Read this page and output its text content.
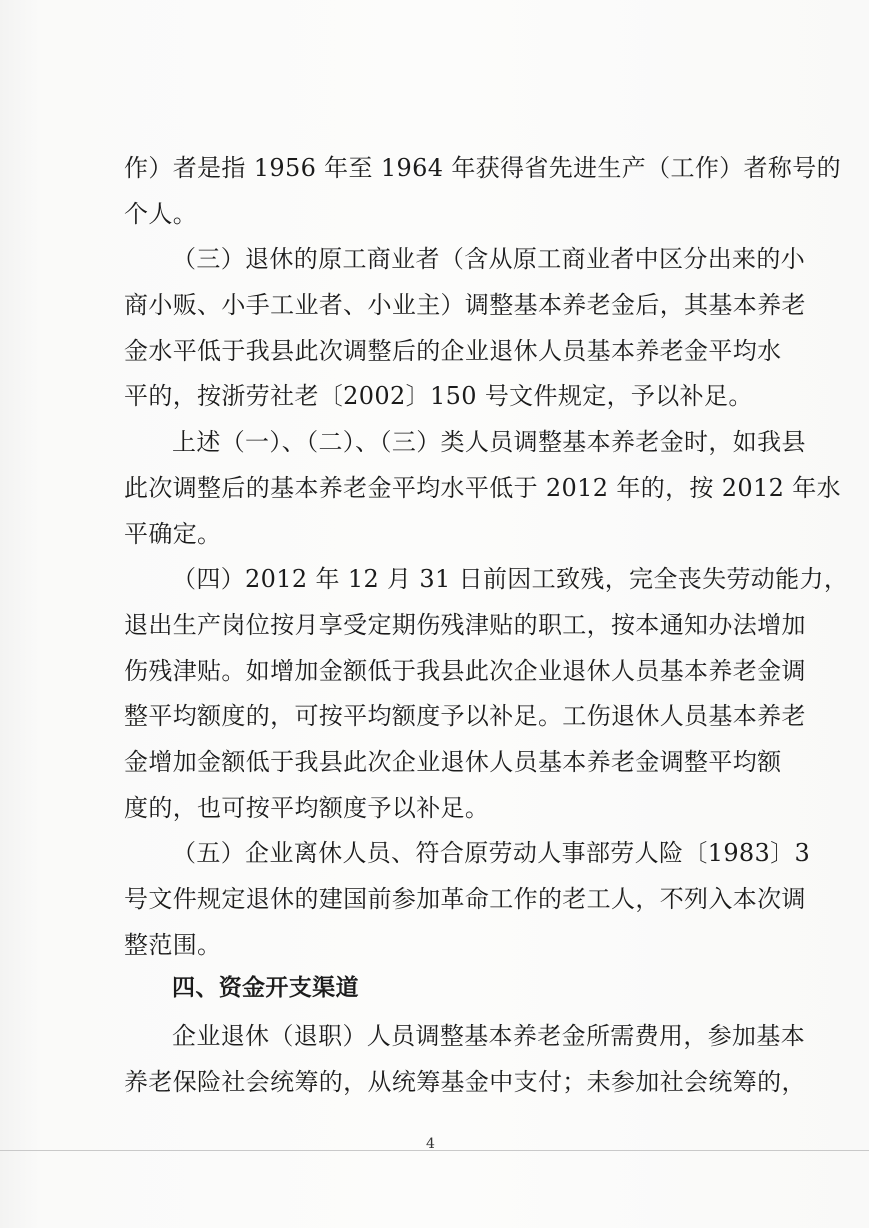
作）者是指 1956 年至 1964 年获得省先进生产（工作）者称号的
个人。
（三）退休的原工商业者（含从原工商业者中区分出来的小
商小贩、小手工业者、小业主）调整基本养老金后，其基本养老
金水平低于我县此次调整后的企业退休人员基本养老金平均水
平的，按浙劳社老〔2002〕150 号文件规定，予以补足。
上述（一）、（二）、（三）类人员调整基本养老金时，如我县
此次调整后的基本养老金平均水平低于 2012 年的，按 2012 年水
平确定。
（四）2012 年 12 月 31 日前因工致残，完全丧失劳动能力，
退出生产岗位按月享受定期伤残津贴的职工，按本通知办法增加
伤残津贴。如增加金额低于我县此次企业退休人员基本养老金调
整平均额度的，可按平均额度予以补足。工伤退休人员基本养老
金增加金额低于我县此次企业退休人员基本养老金调整平均额
度的，也可按平均额度予以补足。
（五）企业离休人员、符合原劳动人事部劳人险〔1983〕3
号文件规定退休的建国前参加革命工作的老工人，不列入本次调
整范围。
四、资金开支渠道
企业退休（退职）人员调整基本养老金所需费用，参加基本
养老保险社会统筹的，从统筹基金中支付；未参加社会统筹的，
4
